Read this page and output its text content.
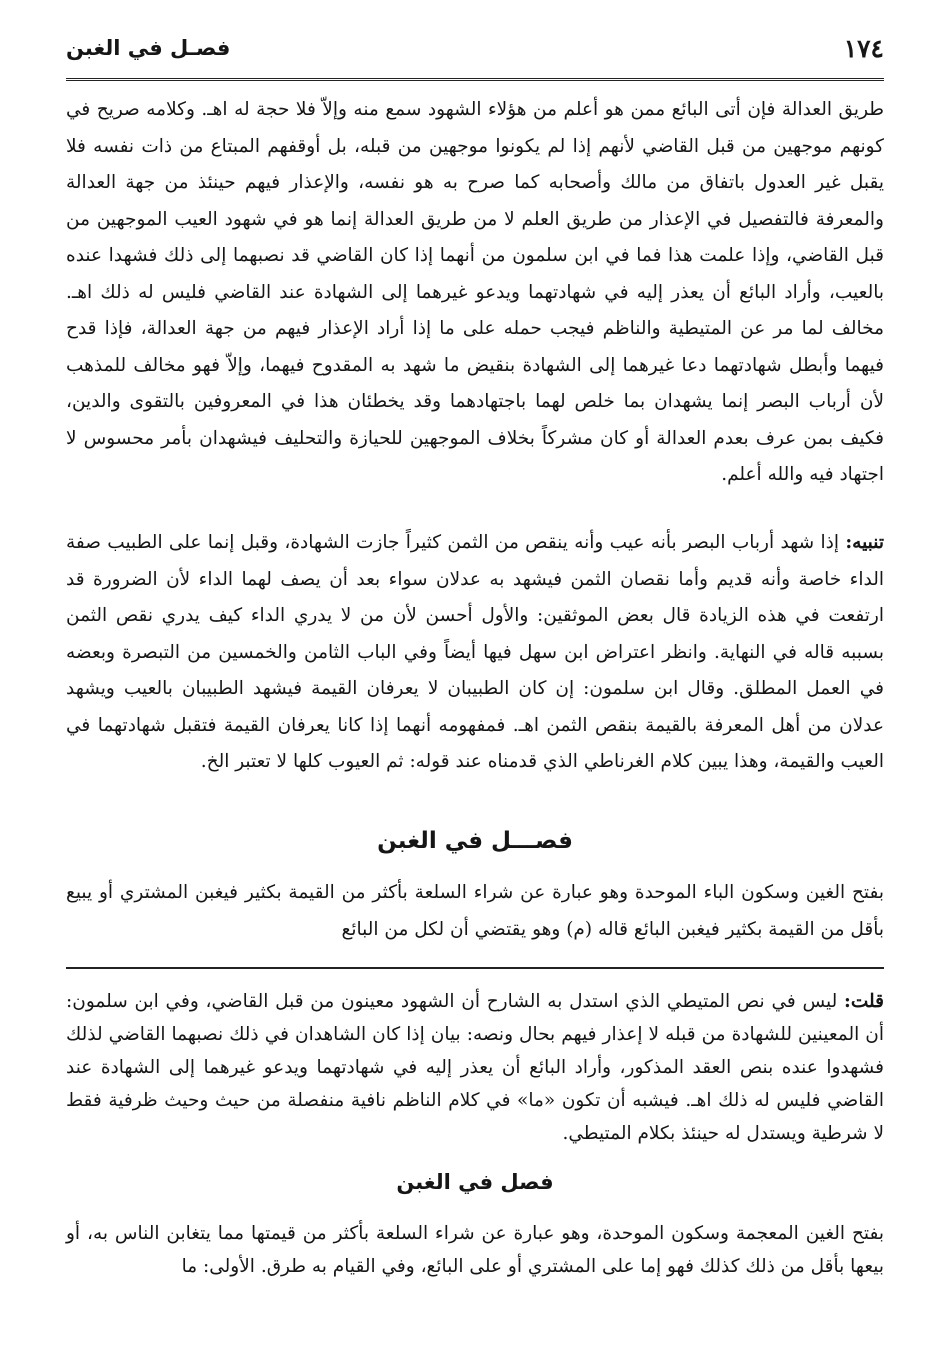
١٧٤
فصـل في الغبن
طريق العدالة فإن أتى البائع ممن هو أعلم من هؤلاء الشهود سمع منه وإلاّ فلا حجة له اهـ. وكلامه صريح في كونهم موجهين من قبل القاضي لأنهم إذا لم يكونوا موجهين من قبله، بل أوقفهم المبتاع من ذات نفسه فلا يقبل غير العدول باتفاق من مالك وأصحابه كما صرح به هو نفسه، والإعذار فيهم حينئذ من جهة العدالة والمعرفة فالتفصيل في الإعذار من طريق العلم لا من طريق العدالة إنما هو في شهود العيب الموجهين من قبل القاضي، وإذا علمت هذا فما في ابن سلمون من أنهما إذا كان القاضي قد نصبهما إلى ذلك فشهدا عنده بالعيب، وأراد البائع أن يعذر إليه في شهادتهما ويدعو غيرهما إلى الشهادة عند القاضي فليس له ذلك اهـ. مخالف لما مر عن المتيطية والناظم فيجب حمله على ما إذا أراد الإعذار فيهم من جهة العدالة، فإذا قدح فيهما وأبطل شهادتهما دعا غيرهما إلى الشهادة بنقيض ما شهد به المقدوح فيهما، وإلاّ فهو مخالف للمذهب لأن أرباب البصر إنما يشهدان بما خلص لهما باجتهادهما وقد يخطئان هذا في المعروفين بالتقوى والدين، فكيف بمن عرف بعدم العدالة أو كان مشركاً بخلاف الموجهين للحيازة والتحليف فيشهدان بأمر محسوس لا اجتهاد فيه والله أعلم.
تنبيه: إذا شهد أرباب البصر بأنه عيب وأنه ينقص من الثمن كثيراً جازت الشهادة، وقبل إنما على الطبيب صفة الداء خاصة وأنه قديم وأما نقصان الثمن فيشهد به عدلان سواء بعد أن يصف لهما الداء لأن الضرورة قد ارتفعت في هذه الزيادة قال بعض الموثقين: والأول أحسن لأن من لا يدري الداء كيف يدري نقص الثمن بسببه قاله في النهاية. وانظر اعتراض ابن سهل فيها أيضاً وفي الباب الثامن والخمسين من التبصرة وبعضه في العمل المطلق. وقال ابن سلمون: إن كان الطبيبان لا يعرفان القيمة فيشهد الطبيبان بالعيب ويشهد عدلان من أهل المعرفة بالقيمة بنقص الثمن اهـ. فمفهومه أنهما إذا كانا يعرفان القيمة فتقبل شهادتهما في العيب والقيمة، وهذا يبين كلام الغرناطي الذي قدمناه عند قوله: ثم العيوب كلها لا تعتبر الخ.
فصـــل في الغبن
بفتح الغين وسكون الباء الموحدة وهو عبارة عن شراء السلعة بأكثر من القيمة بكثير فيغبن المشتري أو يبيع بأقل من القيمة بكثير فيغبن البائع قاله (م) وهو يقتضي أن لكل من البائع
قلت: ليس في نص المتيطي الذي استدل به الشارح أن الشهود معينون من قبل القاضي، وفي ابن سلمون: أن المعينين للشهادة من قبله لا إعذار فيهم بحال ونصه: بيان إذا كان الشاهدان في ذلك نصبهما القاضي لذلك فشهدوا عنده بنص العقد المذكور، وأراد البائع أن يعذر إليه في شهادتهما ويدعو غيرهما إلى الشهادة عند القاضي فليس له ذلك اهـ. فيشبه أن تكون «ما» في كلام الناظم نافية منفصلة من حيث وحيث ظرفية فقط لا شرطية ويستدل له حينئذ بكلام المتيطي.
فصل في الغبن
بفتح الغين المعجمة وسكون الموحدة، وهو عبارة عن شراء السلعة بأكثر من قيمتها مما يتغابن الناس به، أو بيعها بأقل من ذلك كذلك فهو إما على المشتري أو على البائع، وفي القيام به طرق. الأولى: ما
